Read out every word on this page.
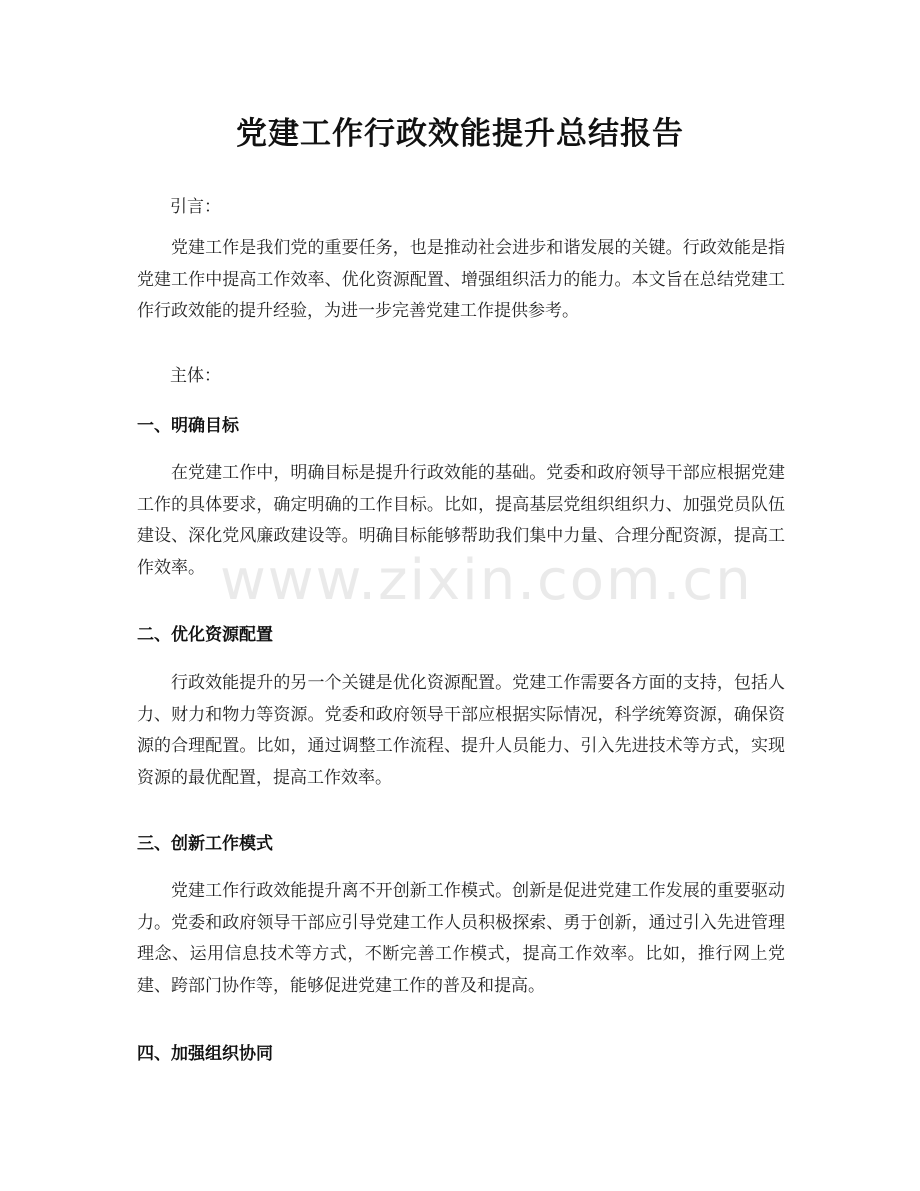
党建工作行政效能提升总结报告
引言：
党建工作是我们党的重要任务，也是推动社会进步和谐发展的关键。行政效能是指党建工作中提高工作效率、优化资源配置、增强组织活力的能力。本文旨在总结党建工作行政效能的提升经验，为进一步完善党建工作提供参考。
主体：
一、明确目标
在党建工作中，明确目标是提升行政效能的基础。党委和政府领导干部应根据党建工作的具体要求，确定明确的工作目标。比如，提高基层党组织组织力、加强党员队伍建设、深化党风廉政建设等。明确目标能够帮助我们集中力量、合理分配资源，提高工作效率。
二、优化资源配置
行政效能提升的另一个关键是优化资源配置。党建工作需要各方面的支持，包括人力、财力和物力等资源。党委和政府领导干部应根据实际情况，科学统筹资源，确保资源的合理配置。比如，通过调整工作流程、提升人员能力、引入先进技术等方式，实现资源的最优配置，提高工作效率。
三、创新工作模式
党建工作行政效能提升离不开创新工作模式。创新是促进党建工作发展的重要驱动力。党委和政府领导干部应引导党建工作人员积极探索、勇于创新，通过引入先进管理理念、运用信息技术等方式，不断完善工作模式，提高工作效率。比如，推行网上党建、跨部门协作等，能够促进党建工作的普及和提高。
四、加强组织协同
www.zixin.com.cn
